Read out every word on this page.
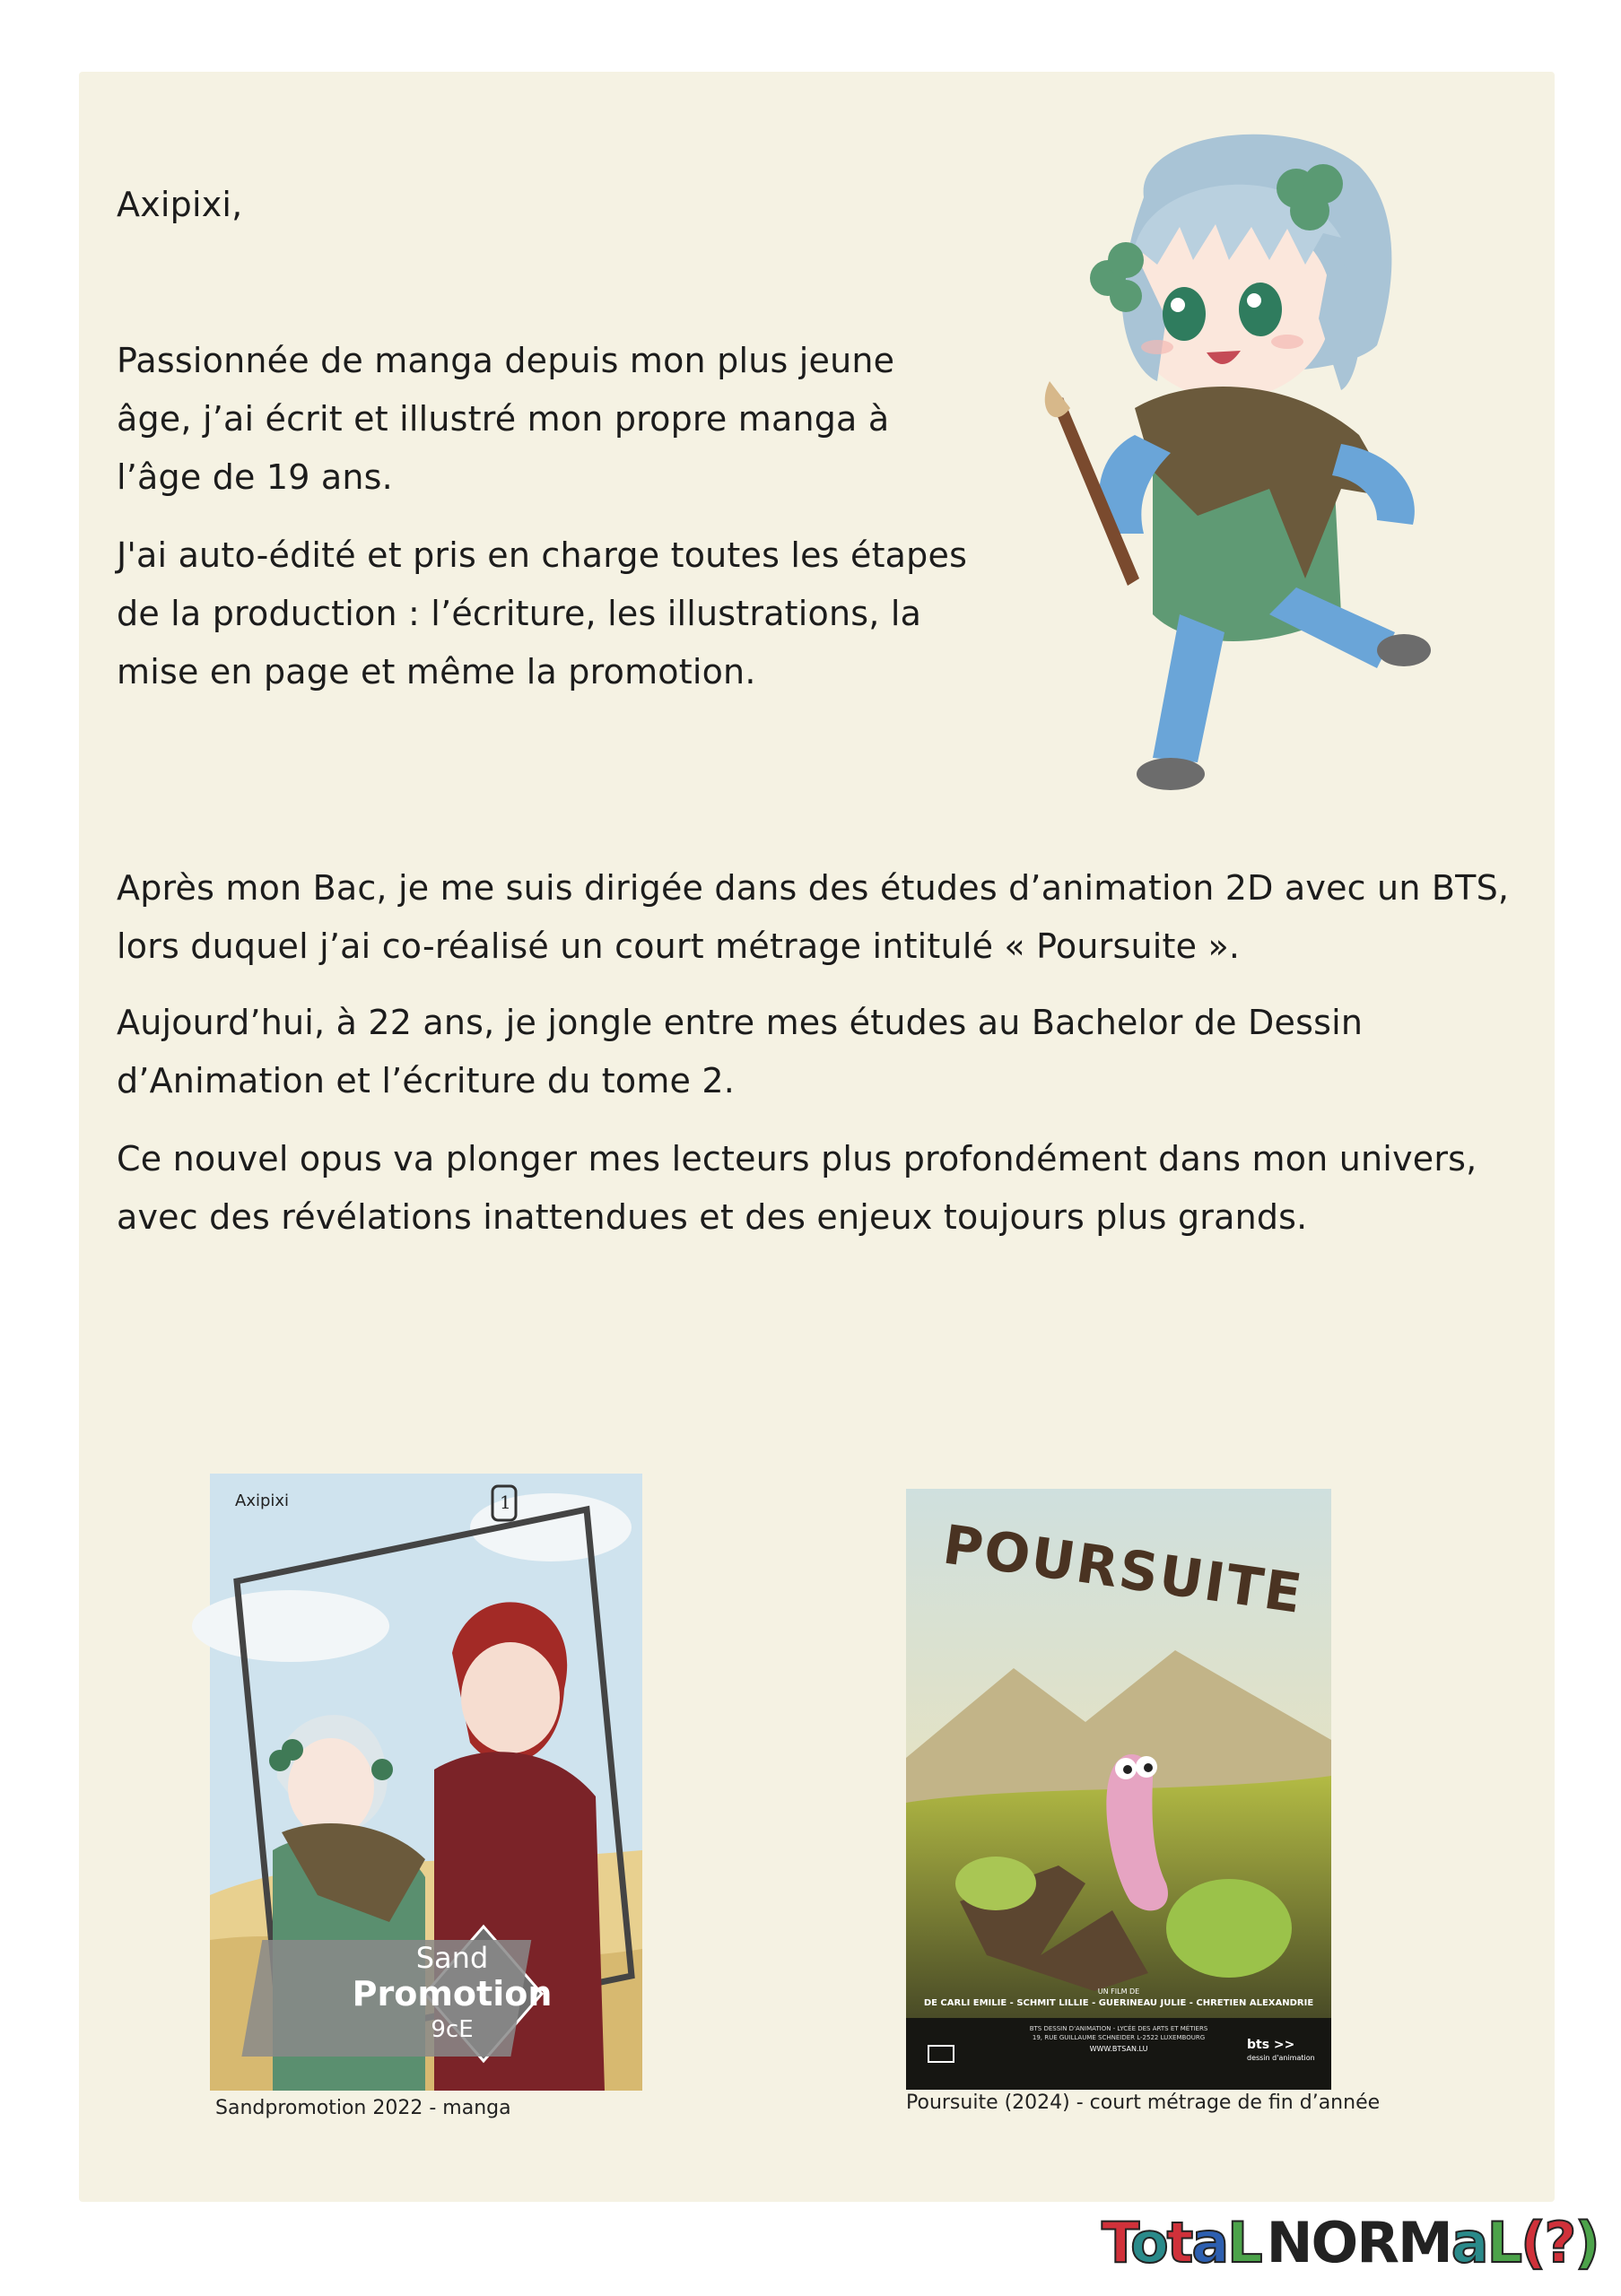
Axipixi,

Passionnée de manga depuis mon plus jeune âge, j’ai écrit et illustré mon propre manga à l’âge de 19 ans.

J'ai auto-édité et pris en charge toutes les étapes de la production : l’écriture, les illustrations, la mise en page et même la promotion.

Après mon Bac, je me suis dirigée dans des études d’animation 2D avec un BTS, lors duquel j’ai co-réalisé un court métrage intitulé « Poursuite ».

Aujourd’hui, à 22 ans, je jongle entre mes études au Bachelor de Dessin d’Animation et l’écriture du tome 2.

Ce nouvel opus va plonger mes lecteurs plus profondément dans mon univers, avec des révélations inattendues et des enjeux toujours plus grands.

Axipixi	1
Sand
Promotion
9cE

Sandpromotion 2022 - manga

POURSUITE
UN FILM DE
DE CARLI EMILIE - SCHMIT LILLIE - GUERINEAU JULIE - CHRETIEN ALEXANDRIE
BTS DESSIN D'ANIMATION - LYCÉE DES ARTS ET MÉTIERS
19, RUE GUILLAUME SCHNEIDER L-2522 LUXEMBOURG
WWW.BTSAN.LU	bts >>
dessin d'animation

Poursuite (2024) - court métrage de fin d’année

TotaLNORMaL(?)
